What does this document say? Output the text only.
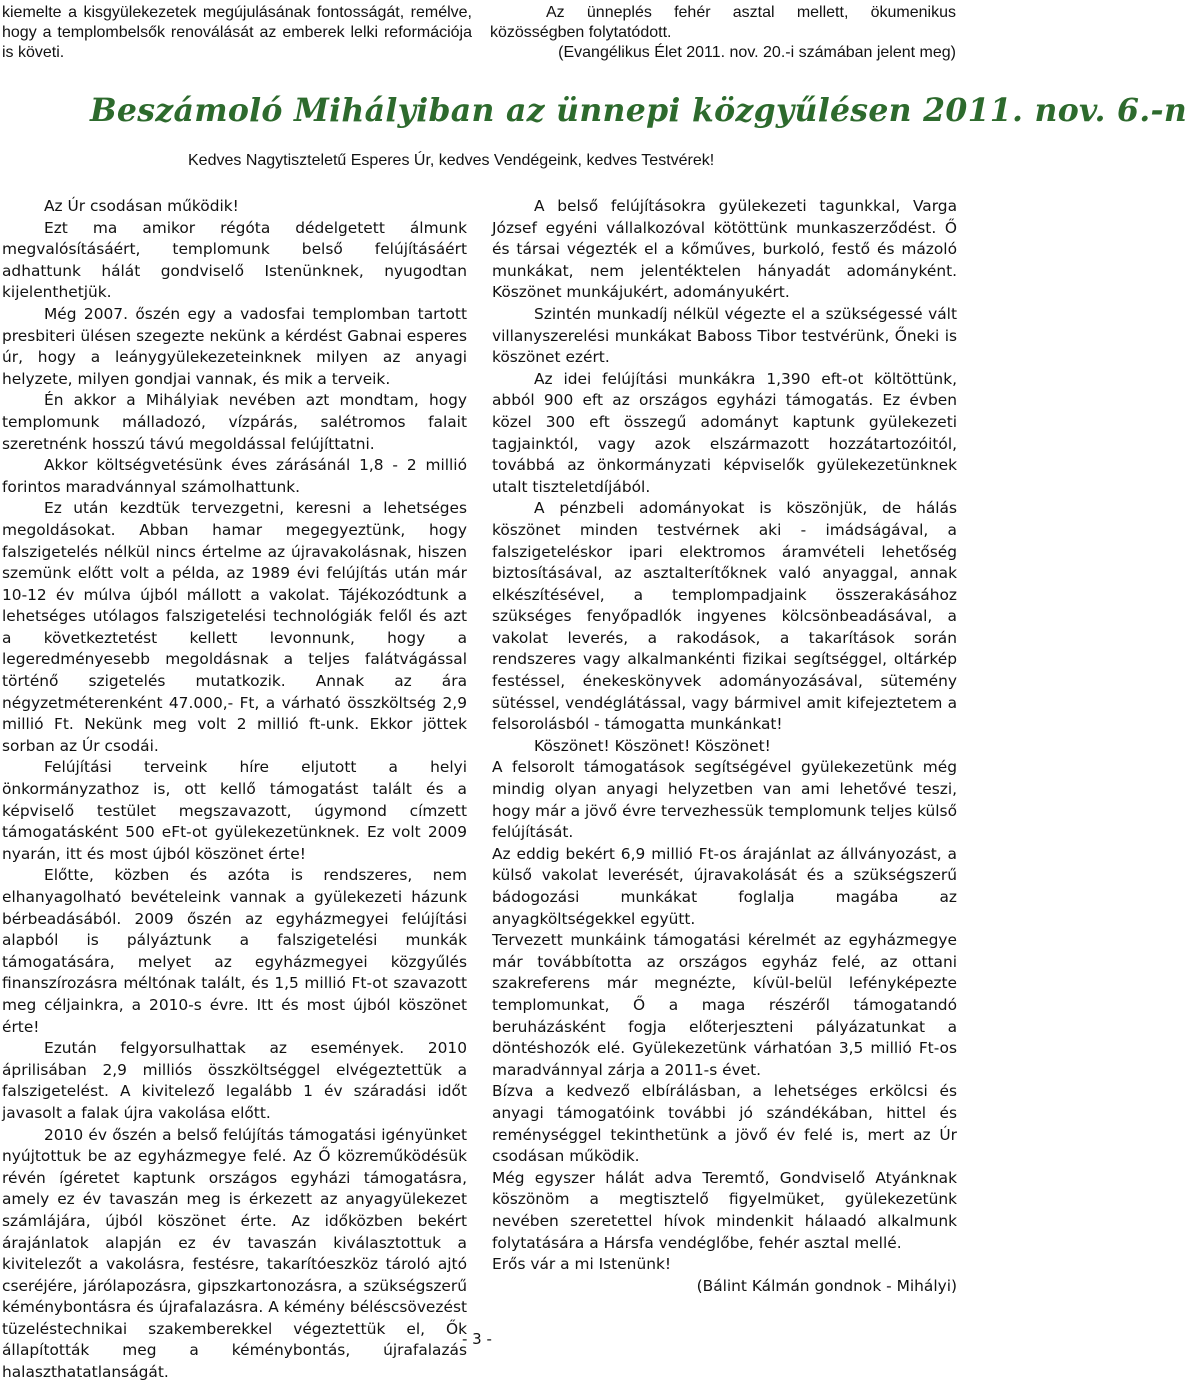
kiemelte a kisgyülekezetek megújulásának fontosságát, remélve, hogy a templombelsők renoválását az emberek lelki reformációja is követi.
Az ünneplés fehér asztal mellett, ökumenikus közösségben folytatódott.
(Evangélikus Élet 2011. nov. 20.-i számában jelent meg)
Beszámoló Mihályiban az ünnepi közgyűlésen 2011. nov. 6.-n
Kedves Nagytiszteletű Esperes Úr, kedves Vendégeink, kedves Testvérek!

Az Úr csodásan működik!

Ezt ma amikor régóta dédelgetett álmunk megvalósításáért, templomunk belső felújításáért adhattunk hálát gondviselő Istenünknek, nyugodtan kijelenthetjük.

Még 2007. őszén egy a vadosfai templomban tartott presbiteri ülésen szegezte nekünk a kérdést Gabnai esperes úr, hogy a leánygyülekezeteinknek milyen az anyagi helyzete, milyen gondjai vannak, és mik a terveik.

Én akkor a Mihályiak nevében azt mondtam, hogy templomunk málladozó, vízpárás, salétromos falait szeretnénk hosszú távú megoldással felújíttatni.

Akkor költségvetésünk éves zárásánál 1,8 - 2 millió forintos maradvánnyal számolhattunk.

Ez után kezdtük tervezgetni, keresni a lehetséges megoldásokat. Abban hamar megegyeztünk, hogy falszigetelés nélkül nincs értelme az újravakolásnak, hiszen szemünk előtt volt a példa, az 1989 évi felújítás után már 10-12 év múlva újból mállott a vakolat. Tájékozódtunk a lehetséges utólagos falszigetelési technológiák felől és azt a következtetést kellett levonnunk, hogy a legeredményesebb megoldásnak a teljes falátvágással történő szigetelés mutatkozik. Annak az ára négyzetméterenként 47.000,- Ft, a várható összköltség 2,9 millió Ft. Nekünk meg volt 2 millió ft-unk. Ekkor jöttek sorban az Úr csodái.

Felújítási terveink híre eljutott a helyi önkormányzathoz is, ott kellő támogatást talált és a képviselő testület megszavazott, úgymond címzett támogatásként 500 eFt-ot gyülekezetünknek. Ez volt 2009 nyarán, itt és most újból köszönet érte!

Előtte, közben és azóta is rendszeres, nem elhanyagolható bevételeink vannak a gyülekezeti házunk bérbeadásából. 2009 őszén az egyházmegyei felújítási alapból is pályáztunk a falszigetelési munkák támogatására, melyet az egyházmegyei közgyűlés finanszírozásra méltónak talált, és 1,5 millió Ft-ot szavazott meg céljainkra, a 2010-s évre. Itt és most újból köszönet érte!

Ezután felgyorsulhattak az események. 2010 áprilisában 2,9 milliós összköltséggel elvégeztettük a falszigetelést. A kivitelező legalább 1 év száradási időt javasolt a falak újra vakolása előtt.

2010 év őszén a belső felújítás támogatási igényünket nyújtottuk be az egyházmegye felé. Az Ő közreműködésük révén ígéretet kaptunk országos egyházi támogatásra, amely ez év tavaszán meg is érkezett az anyagyülekezet számlájára, újból köszönet érte. Az időközben bekért árajánlatok alapján ez év tavaszán kiválasztottuk a kivitelezőt a vakolásra, festésre, takarítóeszköz tároló ajtó cseréjére, járólapozásra, gipszkartonozásra, a szükségszerű kéménybontásra és újrafalazásra. A kémény béléscsövezést tüzeléstechnikai szakemberekkel végeztettük el, Ők állapították meg a kéménybontás, újrafalazás halaszthatatlanságát.

A belső felújításokra gyülekezeti tagunkkal, Varga József egyéni vállalkozóval kötöttünk munkaszerződést. Ő és társai végezték el a kőműves, burkoló, festő és mázoló munkákat, nem jelentéktelen hányadát adományként. Köszönet munkájukért, adományukért.

Szintén munkadíj nélkül végezte el a szükségessé vált villanyszerelési munkákat Baboss Tibor testvérünk, Őneki is köszönet ezért.

Az idei felújítási munkákra 1,390 eft-ot költöttünk, abból 900 eft az országos egyházi támogatás. Ez évben közel 300 eft összegű adományt kaptunk gyülekezeti tagjainktól, vagy azok elszármazott hozzátartozóitól, továbbá az önkormányzati képviselők gyülekezetünknek utalt tiszteletdíjából.

A pénzbeli adományokat is köszönjük, de hálás köszönet minden testvérnek aki - imádságával, a falszigeteléskor ipari elektromos áramvételi lehetőség biztosításával, az asztalterítőknek való anyaggal, annak elkészítésével, a templompadjaink összerakásához szükséges fenyőpadlók ingyenes kölcsönbeadásával, a vakolat leverés, a rakodások, a takarítások során rendszeres vagy alkalmankénti fizikai segítséggel, oltárkép festéssel, énekeskönyvek adományozásával, sütemény sütéssel, vendéglátással, vagy bármivel amit kifejeztetem a felsorolásból - támogatta munkánkat!

Köszönet! Köszönet! Köszönet!

A felsorolt támogatások segítségével gyülekezetünk még mindig olyan anyagi helyzetben van ami lehetővé teszi, hogy már a jövő évre tervezhessük templomunk teljes külső felújítását.

Az eddig bekért 6,9 millió Ft-os árajánlat az állványozást, a külső vakolat leverését, újravakolását és a szükségszerű bádogozási munkákat foglalja magába az anyagköltségekkel együtt.

Tervezett munkáink támogatási kérelmét az egyházmegye már továbbította az országos egyház felé, az ottani szakreferens már megnézte, kívül-belül lefényképezte templomunkat, Ő a maga részéről támogatandó beruházásként fogja előterjeszteni pályázatunkat a döntéshozók elé. Gyülekezetünk várhatóan 3,5 millió Ft-os maradvánnyal zárja a 2011-s évet.

Bízva a kedvező elbírálásban, a lehetséges erkölcsi és anyagi támogatóink további jó szándékában, hittel és reménységgel tekinthetünk a jövő év felé is, mert az Úr csodásan működik.

Még egyszer hálát adva Teremtő, Gondviselő Atyánknak köszönöm a megtisztelő figyelmüket, gyülekezetünk nevében szeretettel hívok mindenkit hálaadó alkalmunk folytatására a Hársfa vendéglőbe, fehér asztal mellé.

Erős vár a mi Istenünk!

(Bálint Kálmán gondnok - Mihályi)

- 3 -
